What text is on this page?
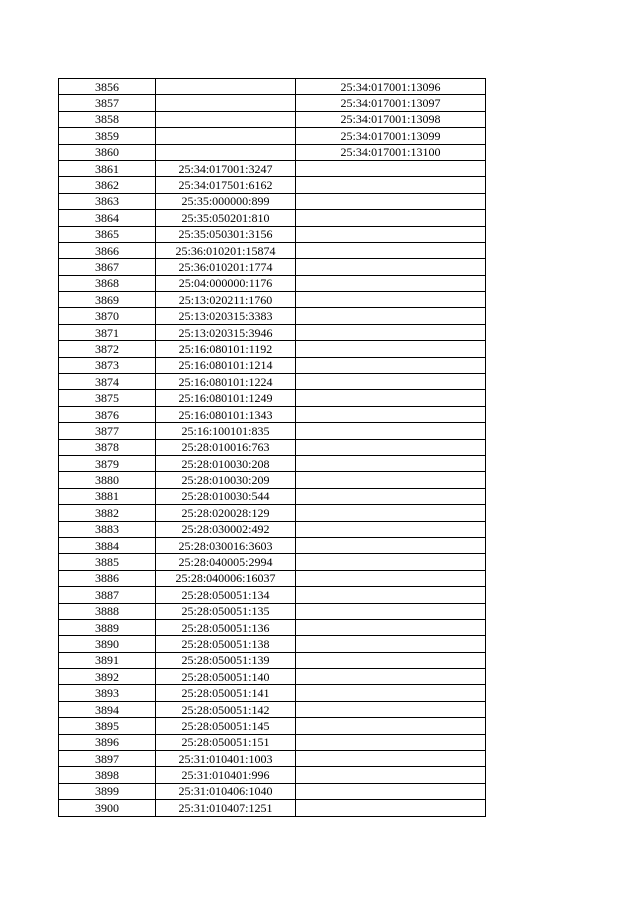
3856		25:34:017001:13096
3857		25:34:017001:13097
3858		25:34:017001:13098
3859		25:34:017001:13099
3860		25:34:017001:13100
3861	25:34:017001:3247	
3862	25:34:017501:6162	
3863	25:35:000000:899	
3864	25:35:050201:810	
3865	25:35:050301:3156	
3866	25:36:010201:15874	
3867	25:36:010201:1774	
3868	25:04:000000:1176	
3869	25:13:020211:1760	
3870	25:13:020315:3383	
3871	25:13:020315:3946	
3872	25:16:080101:1192	
3873	25:16:080101:1214	
3874	25:16:080101:1224	
3875	25:16:080101:1249	
3876	25:16:080101:1343	
3877	25:16:100101:835	
3878	25:28:010016:763	
3879	25:28:010030:208	
3880	25:28:010030:209	
3881	25:28:010030:544	
3882	25:28:020028:129	
3883	25:28:030002:492	
3884	25:28:030016:3603	
3885	25:28:040005:2994	
3886	25:28:040006:16037	
3887	25:28:050051:134	
3888	25:28:050051:135	
3889	25:28:050051:136	
3890	25:28:050051:138	
3891	25:28:050051:139	
3892	25:28:050051:140	
3893	25:28:050051:141	
3894	25:28:050051:142	
3895	25:28:050051:145	
3896	25:28:050051:151	
3897	25:31:010401:1003	
3898	25:31:010401:996	
3899	25:31:010406:1040	
3900	25:31:010407:1251	
